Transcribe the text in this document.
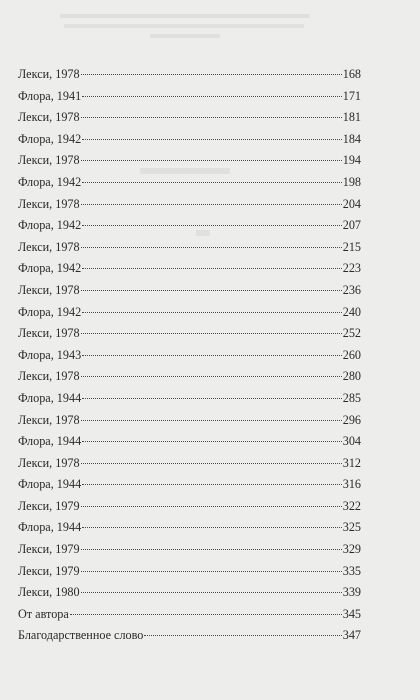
Лекси, 1978	168
Флора, 1941	171
Лекси, 1978	181
Флора, 1942	184
Лекси, 1978	194
Флора, 1942	198
Лекси, 1978	204
Флора, 1942	207
Лекси, 1978	215
Флора, 1942	223
Лекси, 1978	236
Флора, 1942	240
Лекси, 1978	252
Флора, 1943	260
Лекси, 1978	280
Флора, 1944	285
Лекси, 1978	296
Флора, 1944	304
Лекси, 1978	312
Флора, 1944	316
Лекси, 1979	322
Флора, 1944	325
Лекси, 1979	329
Лекси, 1979	335
Лекси, 1980	339
От автора	345
Благодарственное слово	347
